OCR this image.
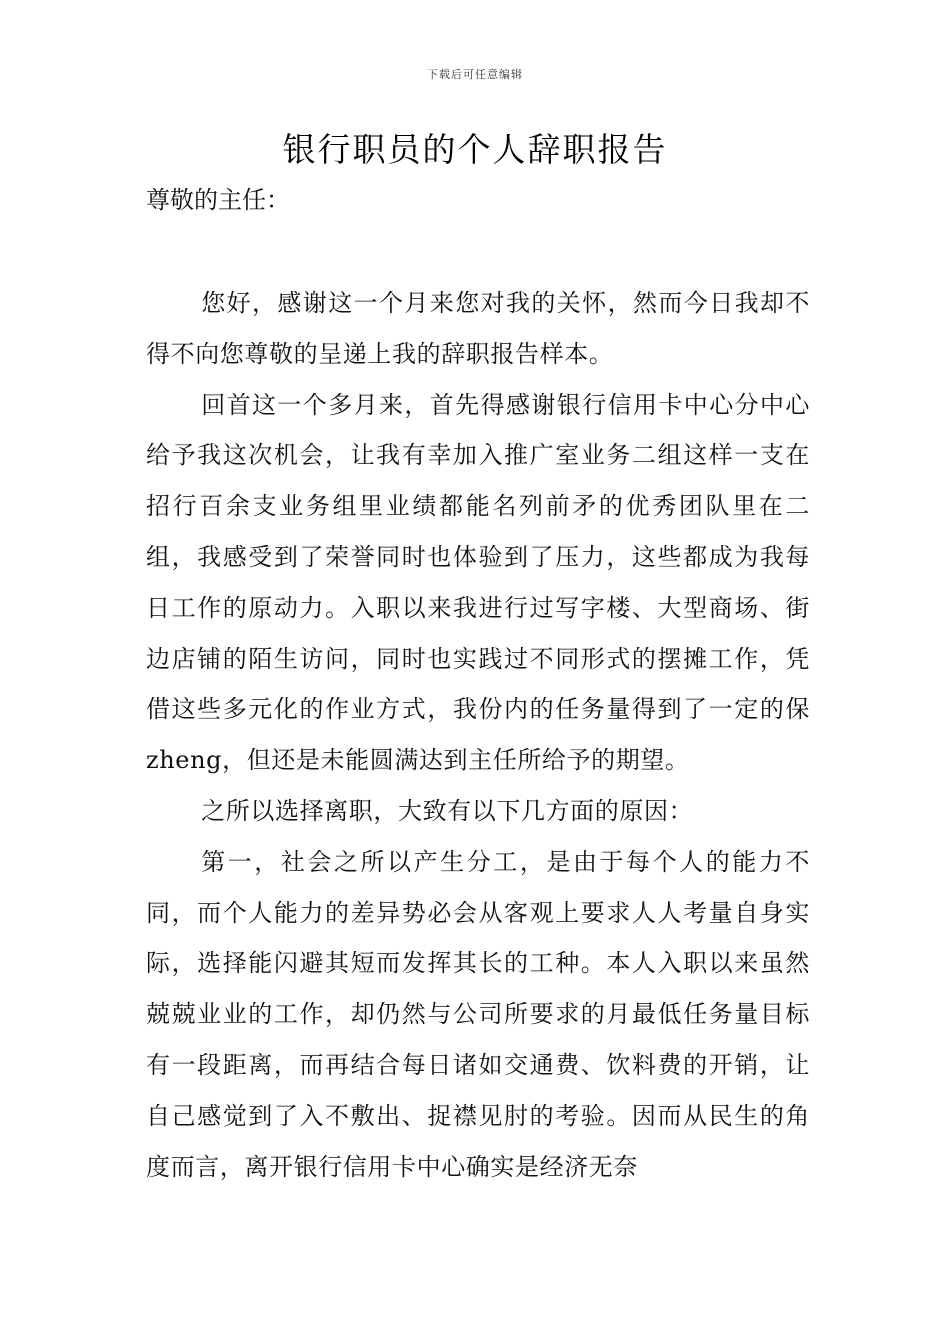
下载后可任意编辑
银行职员的个人辞职报告

尊敬的主任：

您好，感谢这一个月来您对我的关怀，然而今日我却不得不向您尊敬的呈递上我的辞职报告样本。

回首这一个多月来，首先得感谢银行信用卡中心分中心给予我这次机会，让我有幸加入推广室业务二组这样一支在招行百余支业务组里业绩都能名列前矛的优秀团队里在二组，我感受到了荣誉同时也体验到了压力，这些都成为我每日工作的原动力。入职以来我进行过写字楼、大型商场、街边店铺的陌生访问，同时也实践过不同形式的摆摊工作，凭借这些多元化的作业方式，我份内的任务量得到了一定的保zheng，但还是未能圆满达到主任所给予的期望。

之所以选择离职，大致有以下几方面的原因：

第一，社会之所以产生分工，是由于每个人的能力不同，而个人能力的差异势必会从客观上要求人人考量自身实际，选择能闪避其短而发挥其长的工种。本人入职以来虽然兢兢业业的工作，却仍然与公司所要求的月最低任务量目标有一段距离，而再结合每日诸如交通费、饮料费的开销，让自己感觉到了入不敷出、捉襟见肘的考验。因而从民生的角度而言，离开银行信用卡中心确实是经济无奈
